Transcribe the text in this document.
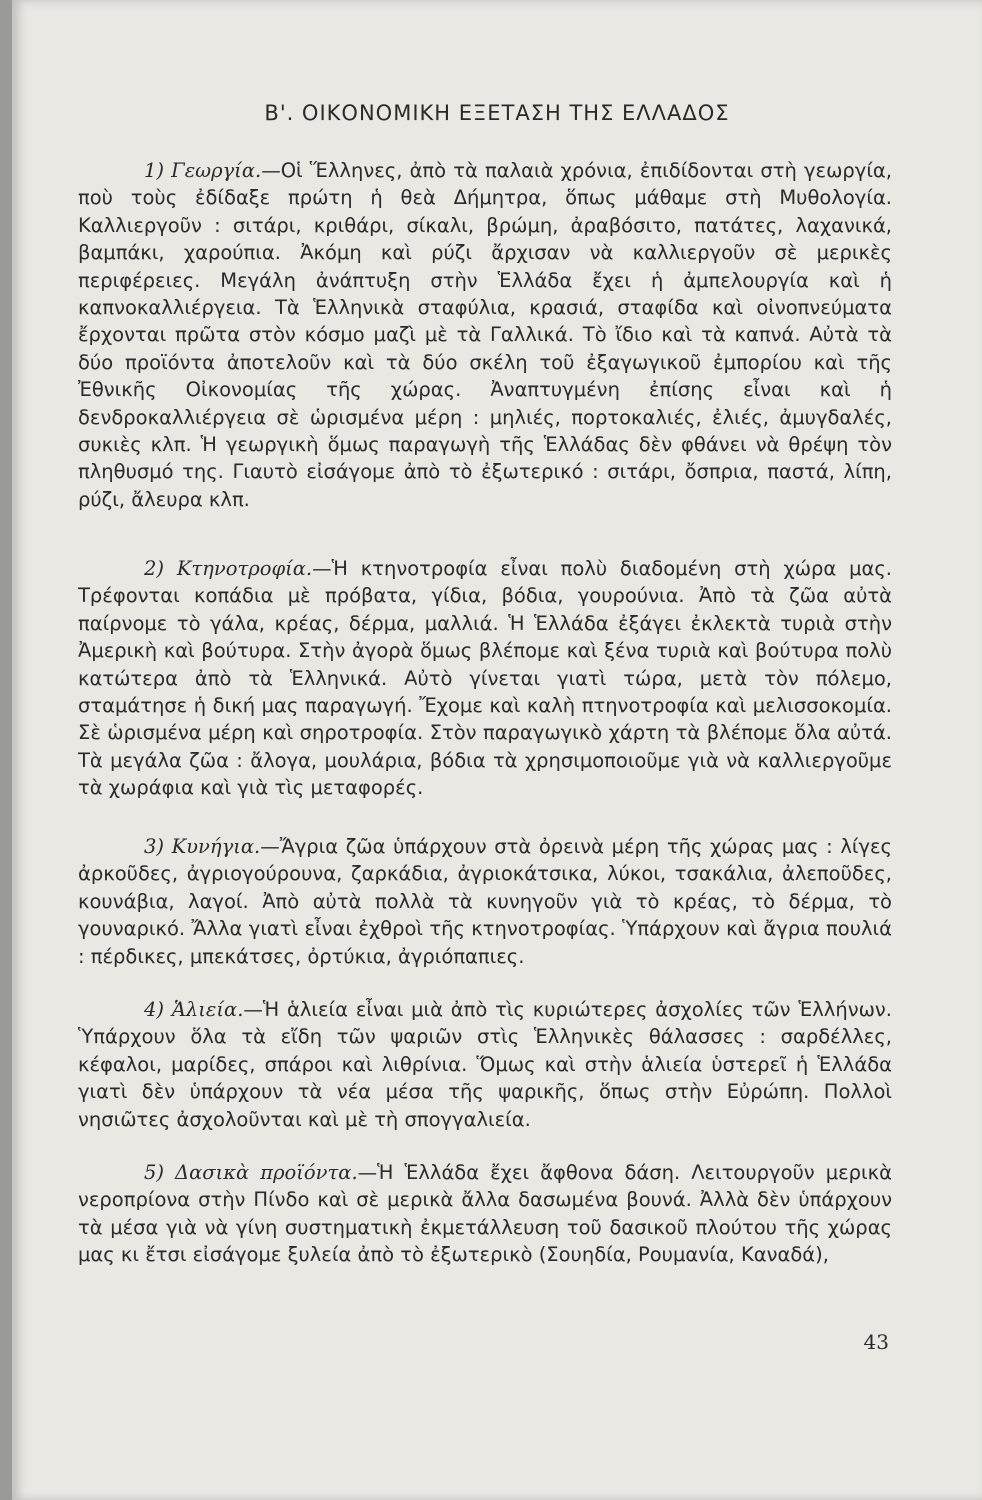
Β'. ΟΙΚΟΝΟΜΙΚΗ ΕΞΕΤΑΣΗ ΤΗΣ ΕΛΛΑΔΟΣ

1) Γεωργία.—Οἱ Ἕλληνες, ἀπὸ τὰ παλαιὰ χρόνια, ἐπιδίδονται στὴ γεωργία, ποὺ τοὺς ἐδίδαξε πρώτη ἡ θεὰ Δήμητρα, ὅπως μάθαμε στὴ Μυθολογία. Καλλιεργοῦν : σιτάρι, κριθάρι, σίκαλι, βρώμη, ἀραβόσιτο, πατάτες, λαχανικά, βαμπάκι, χαρούπια. Ἀκόμη καὶ ρύζι ἄρχισαν νὰ καλλιεργοῦν σὲ μερικὲς περιφέρειες. Μεγάλη ἀνάπτυξη στὴν Ἑλλάδα ἔχει ἡ ἀμπελουργία καὶ ἡ καπνοκαλλιέργεια. Τὰ Ἑλληνικὰ σταφύλια, κρασιά, σταφίδα καὶ οἰνοπνεύματα ἔρχονται πρῶτα στὸν κόσμο μαζὶ μὲ τὰ Γαλλικά. Τὸ ἴδιο καὶ τὰ καπνά. Αὐτὰ τὰ δύο προϊόντα ἀποτελοῦν καὶ τὰ δύο σκέλη τοῦ ἐξαγωγικοῦ ἐμπορίου καὶ τῆς Ἐθνικῆς Οἰκονομίας τῆς χώρας. Ἀναπτυγμένη ἐπίσης εἶναι καὶ ἡ δενδροκαλλιέργεια σὲ ὡρισμένα μέρη : μηλιές, πορτοκαλιές, ἐλιές, ἀμυγδαλές, συκιὲς κλπ. Ἡ γεωργικὴ ὅμως παραγωγὴ τῆς Ἑλλάδας δὲν φθάνει νὰ θρέψη τὸν πληθυσμό της. Γιαυτὸ εἰσάγομε ἀπὸ τὸ ἐξωτερικό : σιτάρι, ὄσπρια, παστά, λίπη, ρύζι, ἄλευρα κλπ.

2) Κτηνοτροφία.—Ἡ κτηνοτροφία εἶναι πολὺ διαδομένη στὴ χώρα μας. Τρέφονται κοπάδια μὲ πρόβατα, γίδια, βόδια, γουρούνια. Ἀπὸ τὰ ζῶα αὐτὰ παίρνομε τὸ γάλα, κρέας, δέρμα, μαλλιά. Ἡ Ἑλλάδα ἐξάγει ἐκλεκτὰ τυριὰ στὴν Ἀμερικὴ καὶ βούτυρα. Στὴν ἀγορὰ ὅμως βλέπομε καὶ ξένα τυριὰ καὶ βούτυρα πολὺ κατώτερα ἀπὸ τὰ Ἑλληνικά. Αὐτὸ γίνεται γιατὶ τώρα, μετὰ τὸν πόλεμο, σταμάτησε ἡ δική μας παραγωγή. Ἔχομε καὶ καλὴ πτηνοτροφία καὶ μελισσοκομία. Σὲ ὡρισμένα μέρη καὶ σηροτροφία. Στὸν παραγωγικὸ χάρτη τὰ βλέπομε ὅλα αὐτά. Τὰ μεγάλα ζῶα : ἄλογα, μουλάρια, βόδια τὰ χρησιμοποιοῦμε γιὰ νὰ καλλιεργοῦμε τὰ χωράφια καὶ γιὰ τὶς μεταφορές.

3) Κυνήγια.—Ἄγρια ζῶα ὑπάρχουν στὰ ὀρεινὰ μέρη τῆς χώρας μας : λίγες ἀρκοῦδες, ἀγριογούρουνα, ζαρκάδια, ἀγριοκάτσικα, λύκοι, τσακάλια, ἀλεποῦδες, κουνάβια, λαγοί. Ἀπὸ αὐτὰ πολλὰ τὰ κυνηγοῦν γιὰ τὸ κρέας, τὸ δέρμα, τὸ γουναρικό. Ἄλλα γιατὶ εἶναι ἐχθροὶ τῆς κτηνοτροφίας. Ὑπάρχουν καὶ ἄγρια πουλιά : πέρδικες, μπεκάτσες, ὀρτύκια, ἀγριόπαπιες.

4) Ἁλιεία.—Ἡ ἁλιεία εἶναι μιὰ ἀπὸ τὶς κυριώτερες ἀσχολίες τῶν Ἑλλήνων. Ὑπάρχουν ὅλα τὰ εἴδη τῶν ψαριῶν στὶς Ἑλληνικὲς θάλασσες : σαρδέλλες, κέφαλοι, μαρίδες, σπάροι καὶ λιθρίνια. Ὅμως καὶ στὴν ἁλιεία ὑστερεῖ ἡ Ἑλλάδα γιατὶ δὲν ὑπάρχουν τὰ νέα μέσα τῆς ψαρικῆς, ὅπως στὴν Εὐρώπη. Πολλοὶ νησιῶτες ἀσχολοῦνται καὶ μὲ τὴ σπογγαλιεία.

5) Δασικὰ προϊόντα.—Ἡ Ἑλλάδα ἔχει ἄφθονα δάση. Λειτουργοῦν μερικὰ νεροπρίονα στὴν Πίνδο καὶ σὲ μερικὰ ἄλλα δασωμένα βουνά. Ἀλλὰ δὲν ὑπάρχουν τὰ μέσα γιὰ νὰ γίνη συστηματικὴ ἐκμετάλλευση τοῦ δασικοῦ πλούτου τῆς χώρας μας κι ἔτσι εἰσάγομε ξυλεία ἀπὸ τὸ ἐξωτερικὸ (Σουηδία, Ρουμανία, Καναδά),

43
